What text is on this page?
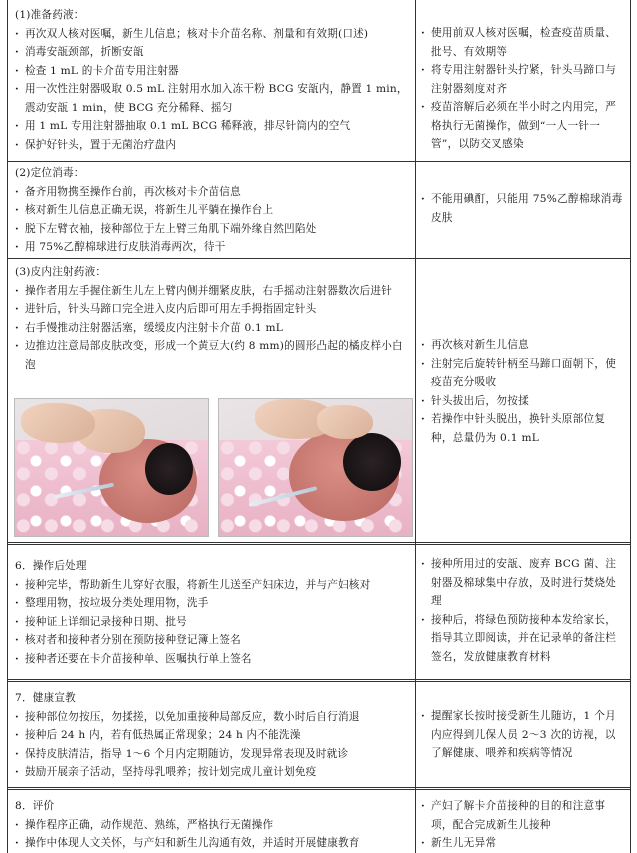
(1)准备药液：
· 再次双人核对医嘱，新生儿信息；核对卡介苗名称、剂量和有效期(口述)
· 消毒安瓿颈部，折断安瓿
· 检查 1 mL 的卡介苗专用注射器
· 用一次性注射器吸取 0.5 mL 注射用水加入冻干粉 BCG 安瓿内，静置 1 min，震动安瓿 1 min，使 BCG 充分稀释、摇匀
· 用 1 mL 专用注射器抽取 0.1 mL BCG 稀释液，排尽针筒内的空气
· 保护好针头，置于无菌治疗盘内
· 使用前双人核对医嘱，检查疫苗质量、批号、有效期等
· 将专用注射器针头拧紧，针头马蹄口与注射器刻度对齐
· 疫苗溶解后必须在半小时之内用完，严格执行无菌操作，做到“一人一针一管”，以防交叉感染
(2)定位消毒：
· 备齐用物携至操作台前，再次核对卡介苗信息
· 核对新生儿信息正确无误，将新生儿平躺在操作台上
· 脱下左臂衣袖，接种部位于左上臂三角肌下端外缘自然凹陷处
· 用 75%乙醇棉球进行皮肤消毒两次，待干
· 不能用碘酊，只能用 75%乙醇棉球消毒皮肤
(3)皮内注射药液：
· 操作者用左手握住新生儿左上臂内侧并绷紧皮肤，右手摇动注射器数次后进针
· 进针后，针头马蹄口完全进入皮内后即可用左手拇指固定针头
· 右手慢推动注射器活塞，缓缓皮内注射卡介苗 0.1 mL
· 边推边注意局部皮肤改变，形成一个黄豆大(约 8 mm)的圆形凸起的橘皮样小白泡
· 再次核对新生儿信息
· 注射完后旋转针柄至马蹄口面朝下，使疫苗充分吸收
· 针头拔出后，勿按揉
· 若操作中针头脱出，换针头原部位复种，总量仍为 0.1 mL
6．操作后处理
· 接种完毕，帮助新生儿穿好衣服，将新生儿送至产妇床边，并与产妇核对
· 整理用物，按垃圾分类处理用物，洗手
· 接种证上详细记录接种日期、批号
· 核对者和接种者分别在预防接种登记簿上签名
· 接种者还要在卡介苗接种单、医嘱执行单上签名
· 接种所用过的安瓿、废弃 BCG 菌、注射器及棉球集中存放，及时进行焚烧处理
· 接种后，将绿色预防接种本发给家长，指导其立即阅读，并在记录单的备注栏签名，发放健康教育材料
7．健康宣教
· 接种部位勿按压，勿揉搓，以免加重接种局部反应，数小时后自行消退
· 接种后 24 h 内，若有低热属正常现象；24 h 内不能洗澡
· 保持皮肤清洁，指导 1～6 个月内定期随访，发现异常表现及时就诊
· 鼓励开展亲子活动，坚持母乳喂养；按计划完成儿童计划免疫
· 提醒家长按时接受新生儿随访，1 个月内应得到儿保人员 2～3 次的访视，以了解健康、喂养和疾病等情况
8．评价
· 操作程序正确，动作规范、熟练，严格执行无菌操作
· 操作中体现人文关怀，与产妇和新生儿沟通有效，并适时开展健康教育
· 产妇了解卡介苗接种的目的和注意事项，配合完成新生儿接种
· 新生儿无异常
